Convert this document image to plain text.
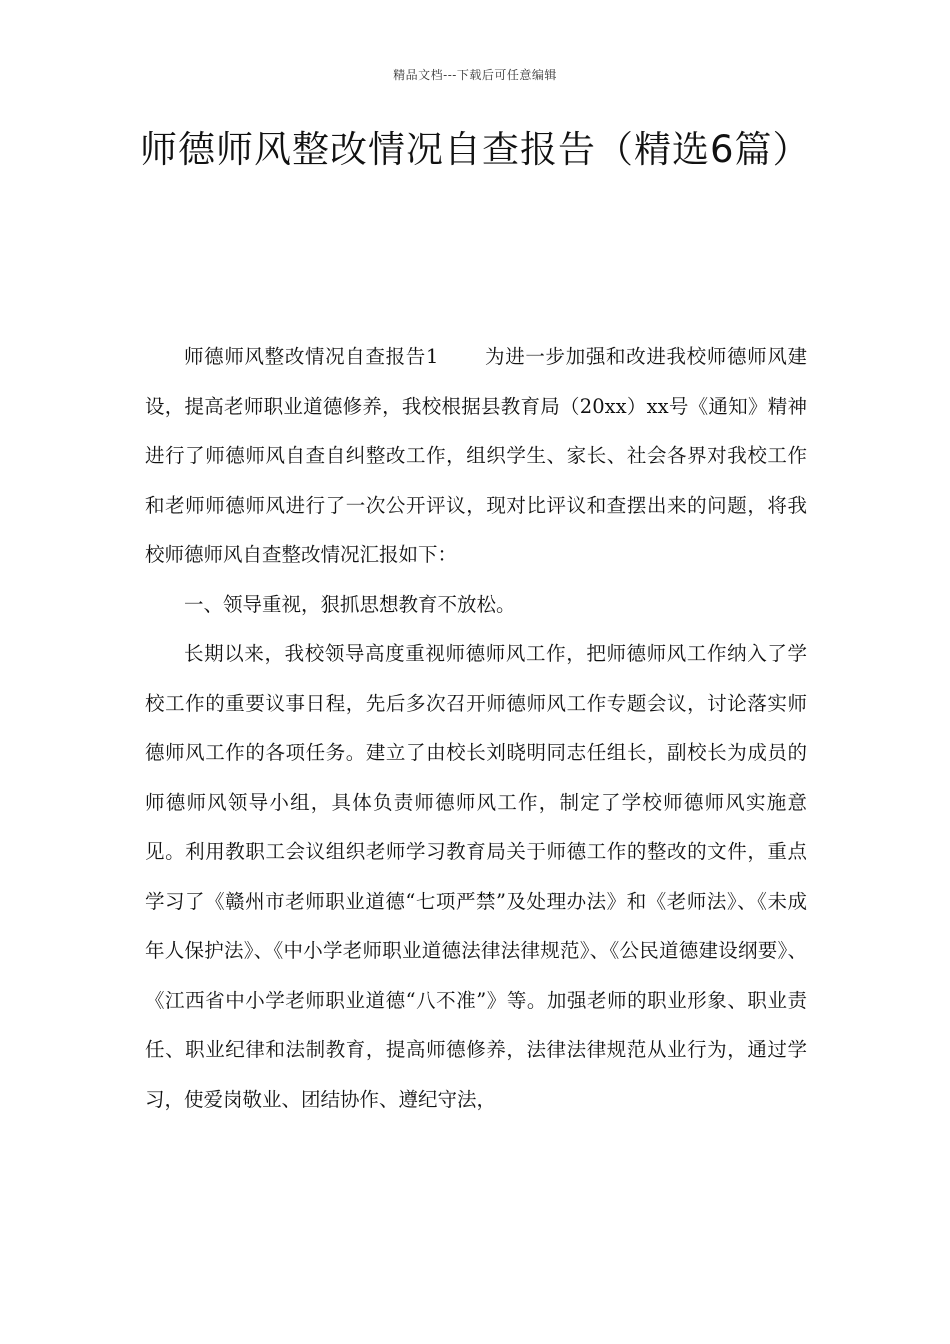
精品文档---下载后可任意编辑
师德师风整改情况自查报告（精选6篇）

师德师风整改情况自查报告1 为进一步加强和改进我校师德师风建设，提高老师职业道德修养，我校根据县教育局（20xx）xx号《通知》精神进行了师德师风自查自纠整改工作，组织学生、家长、社会各界对我校工作和老师师德师风进行了一次公开评议，现对比评议和查摆出来的问题，将我校师德师风自查整改情况汇报如下：

一、领导重视，狠抓思想教育不放松。

长期以来，我校领导高度重视师德师风工作，把师德师风工作纳入了学校工作的重要议事日程，先后多次召开师德师风工作专题会议，讨论落实师德师风工作的各项任务。建立了由校长刘晓明同志任组长，副校长为成员的师德师风领导小组，具体负责师德师风工作，制定了学校师德师风实施意见。利用教职工会议组织老师学习教育局关于师德工作的整改的文件，重点学习了《赣州市老师职业道德“七项严禁”及处理办法》和《老师法》、《未成年人保护法》、《中小学老师职业道德法律法律规范》、《公民道德建设纲要》、《江西省中小学老师职业道德“八不准”》等。加强老师的职业形象、职业责任、职业纪律和法制教育，提高师德修养，法律法律规范从业行为，通过学习，使爱岗敬业、团结协作、遵纪守法，
